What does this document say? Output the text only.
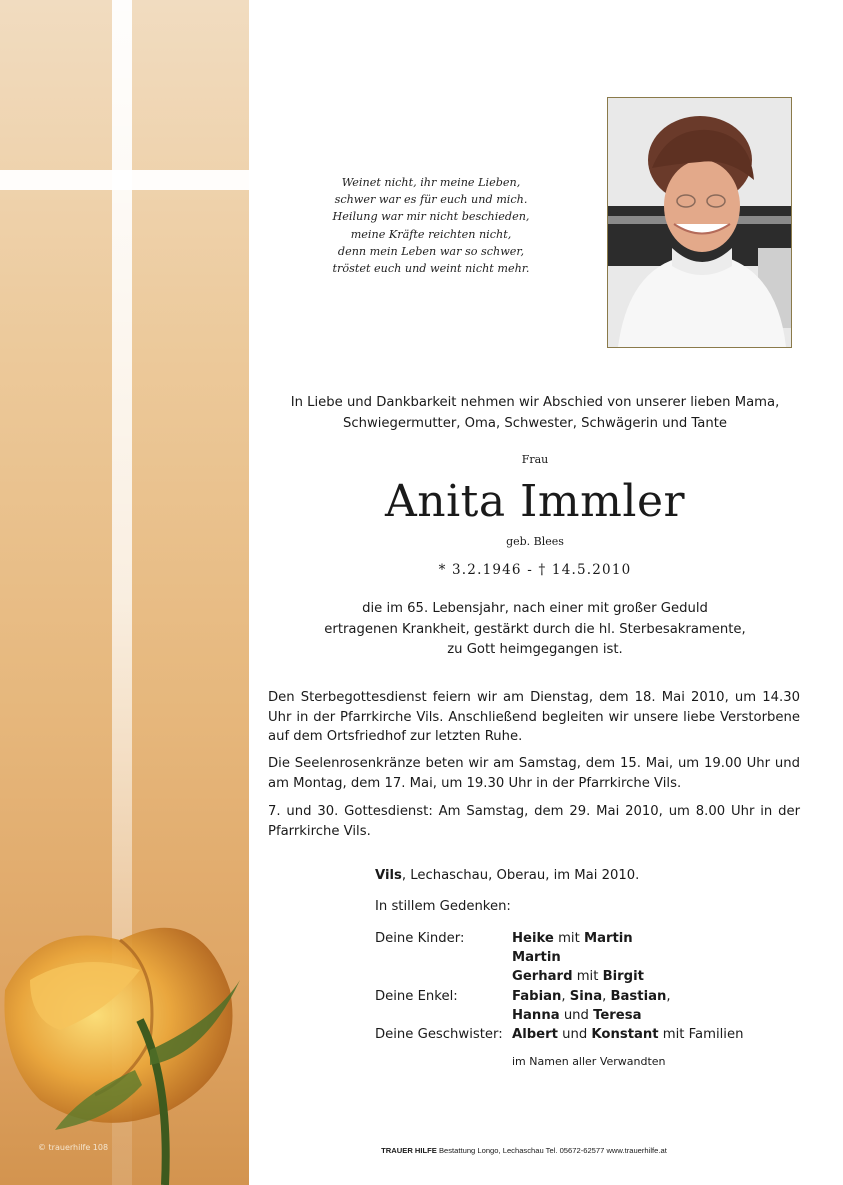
© trauerhilfe 108
Weinet nicht, ihr meine Lieben,
schwer war es für euch und mich.
Heilung war mir nicht beschieden,
meine Kräfte reichten nicht,
denn mein Leben war so schwer,
tröstet euch und weint nicht mehr.
In Liebe und Dankbarkeit nehmen wir Abschied von unserer lieben Mama,
Schwiegermutter, Oma, Schwester, Schwägerin und Tante
Frau
Anita Immler
geb. Blees
* 3.2.1946 - † 14.5.2010
die im 65. Lebensjahr, nach einer mit großer Geduld
ertragenen Krankheit, gestärkt durch die hl. Sterbesakramente,
zu Gott heimgegangen ist.
Den Sterbegottesdienst feiern wir am Dienstag, dem 18. Mai 2010, um 14.30 Uhr in der Pfarrkirche Vils. Anschließend begleiten wir unsere liebe Verstorbene auf dem Ortsfriedhof zur letzten Ruhe.
Die Seelenrosenkränze beten wir am Samstag, dem 15. Mai, um 19.00 Uhr und am Montag, dem 17. Mai, um 19.30 Uhr in der Pfarrkirche Vils.
7. und 30. Gottesdienst: Am Samstag, dem 29. Mai 2010, um 8.00 Uhr in der Pfarrkirche Vils.
Vils, Lechaschau, Oberau, im Mai 2010.
In stillem Gedenken:
Deine Kinder:	Heike mit Martin
Martin
Gerhard mit Birgit
Deine Enkel:	Fabian, Sina, Bastian,
Hanna und Teresa
Deine Geschwister: Albert und Konstant mit Familien
im Namen aller Verwandten
TRAUER HILFE Bestattung Longo, Lechaschau Tel. 05672-62577 www.trauerhilfe.at
